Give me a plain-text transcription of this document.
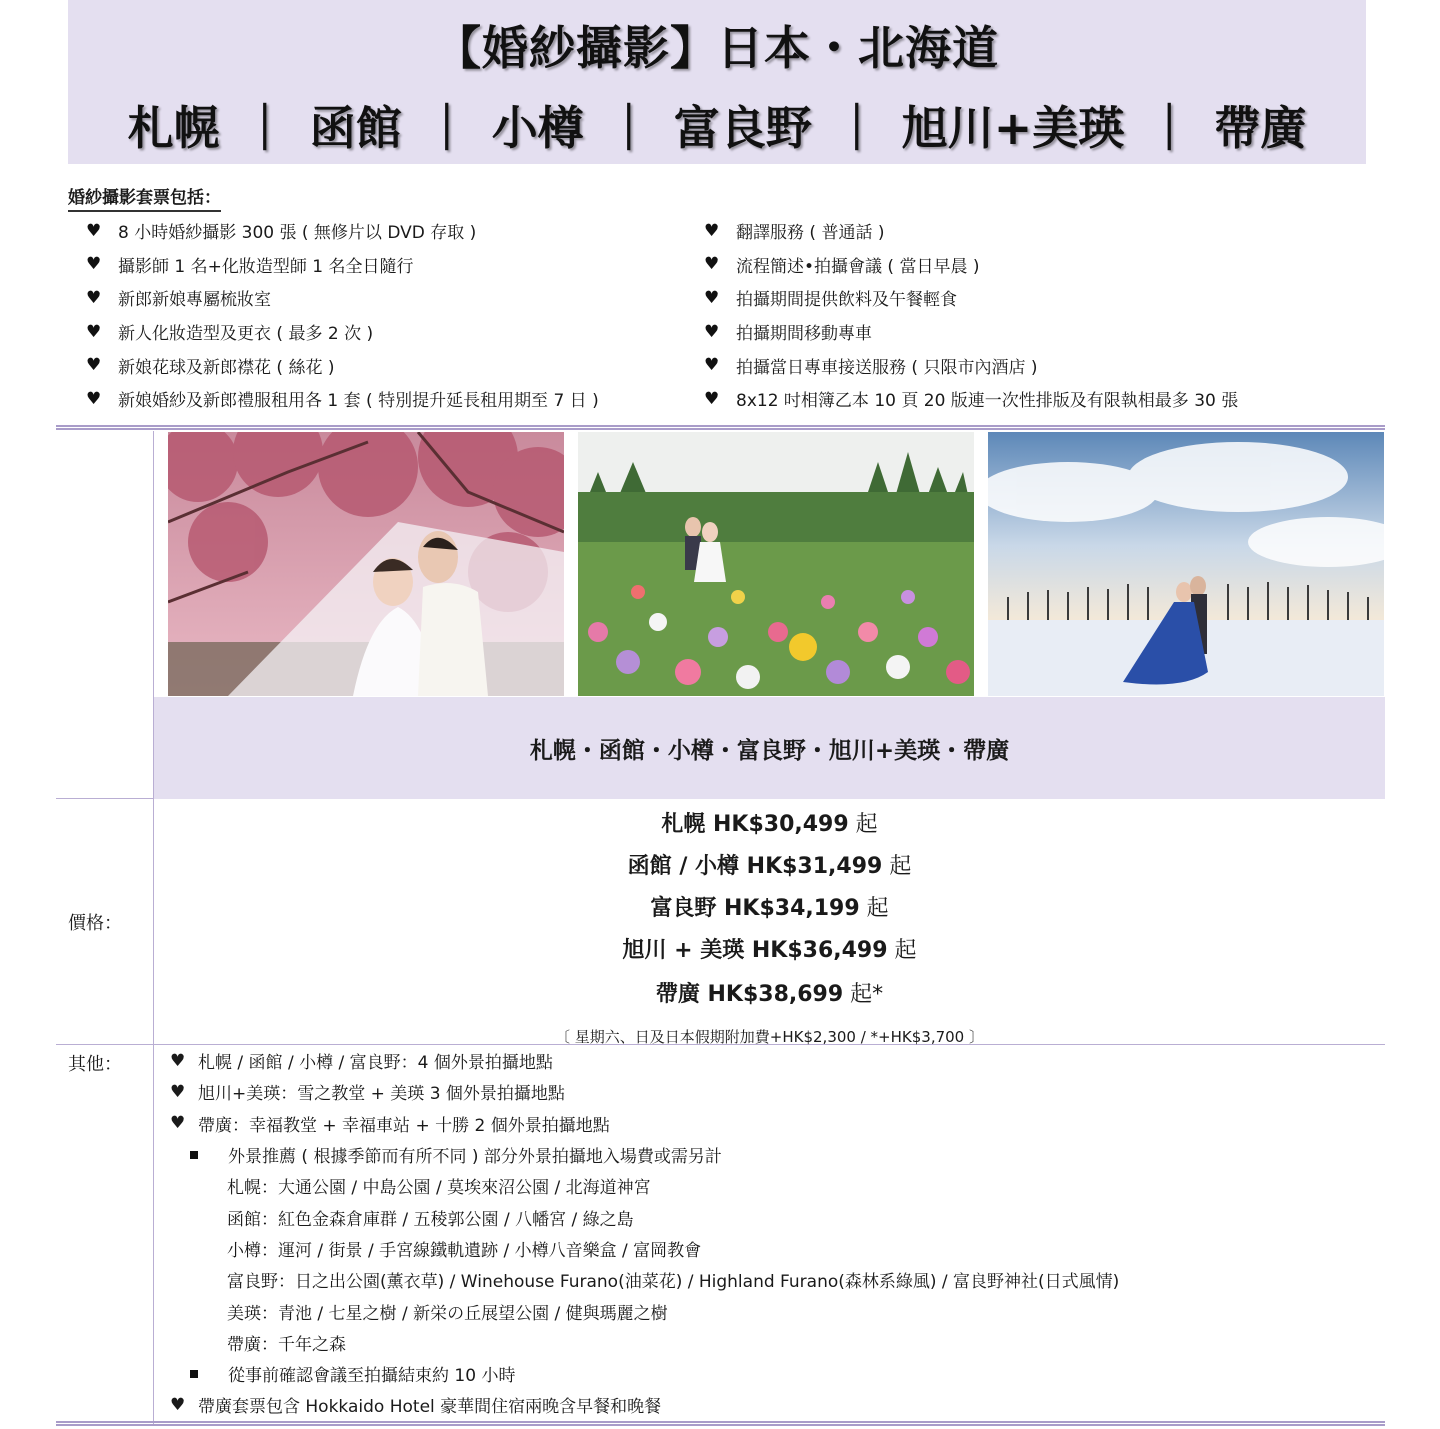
【婚紗攝影】日本・北海道
札幌 ｜ 函館 ｜ 小樽 ｜ 富良野 ｜ 旭川+美瑛 ｜ 帶廣
婚紗攝影套票包括：
♥ 8 小時婚紗攝影 300 張 ( 無修片以 DVD 存取 )
♥ 攝影師 1 名+化妝造型師 1 名全日隨行
♥ 新郎新娘專屬梳妝室
♥ 新人化妝造型及更衣 ( 最多 2 次 )
♥ 新娘花球及新郎襟花 ( 絲花 )
♥ 新娘婚紗及新郎禮服租用各 1 套 ( 特別提升延長租用期至 7 日 )
♥ 翻譯服務 ( 普通話 )
♥ 流程簡述•拍攝會議 ( 當日早晨 )
♥ 拍攝期間提供飲料及午餐輕食
♥ 拍攝期間移動專車
♥ 拍攝當日專車接送服務 ( 只限市內酒店 )
♥ 8x12 吋相簿乙本 10 頁 20 版連一次性排版及有限執相最多 30 張
札幌・函館・小樽・富良野・旭川+美瑛・帶廣
價格：
札幌 HK$30,499 起
函館 / 小樽 HK$31,499 起
富良野 HK$34,199 起
旭川 + 美瑛 HK$36,499 起
帶廣 HK$38,699 起*
〔 星期六、日及日本假期附加費+HK$2,300 / *+HK$3,700 〕
其他：	♥ 札幌 / 函館 / 小樽 / 富良野：4 個外景拍攝地點
♥ 旭川+美瑛：雪之教堂 + 美瑛 3 個外景拍攝地點
♥ 帶廣：幸福教堂 + 幸福車站 + 十勝 2 個外景拍攝地點
外景推薦 ( 根據季節而有所不同 ) 部分外景拍攝地入場費或需另計
札幌：大通公園 / 中島公園 / 莫埃來沼公園 / 北海道神宮
函館：紅色金森倉庫群 / 五稜郭公園 / 八幡宮 / 綠之島
小樽：運河 / 街景 / 手宮線鐵軌遺跡 / 小樽八音樂盒 / 富岡教會
富良野：日之出公園(薰衣草) / Winehouse Furano(油菜花) / Highland Furano(森林系綠風) / 富良野神社(日式風情)
美瑛：青池 / 七星之樹 / 新栄の丘展望公園 / 健與瑪麗之樹
帶廣：千年之森
從事前確認會議至拍攝結束約 10 小時
♥ 帶廣套票包含 Hokkaido Hotel 豪華間住宿兩晚含早餐和晚餐
